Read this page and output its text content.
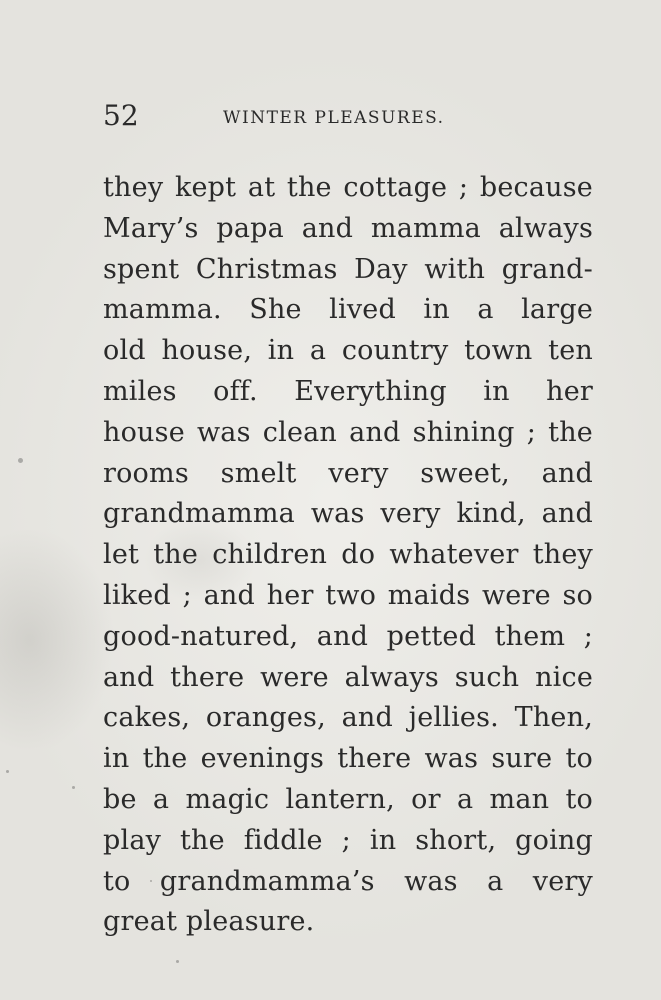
52	WINTER PLEASURES.
they kept at the cottage ; because
Mary’s papa and mamma always
spent Christmas Day with grand-
mamma. She lived in a large
old house, in a country town ten
miles off. Everything in her
house was clean and shining ; the
rooms smelt very sweet, and
grandmamma was very kind, and
let the children do whatever they
liked ; and her two maids were so
good-natured, and petted them ;
and there were always such nice
cakes, oranges, and jellies. Then,
in the evenings there was sure to
be a magic lantern, or a man to
play the fiddle ; in short, going
to grandmamma’s was a very
great pleasure.
